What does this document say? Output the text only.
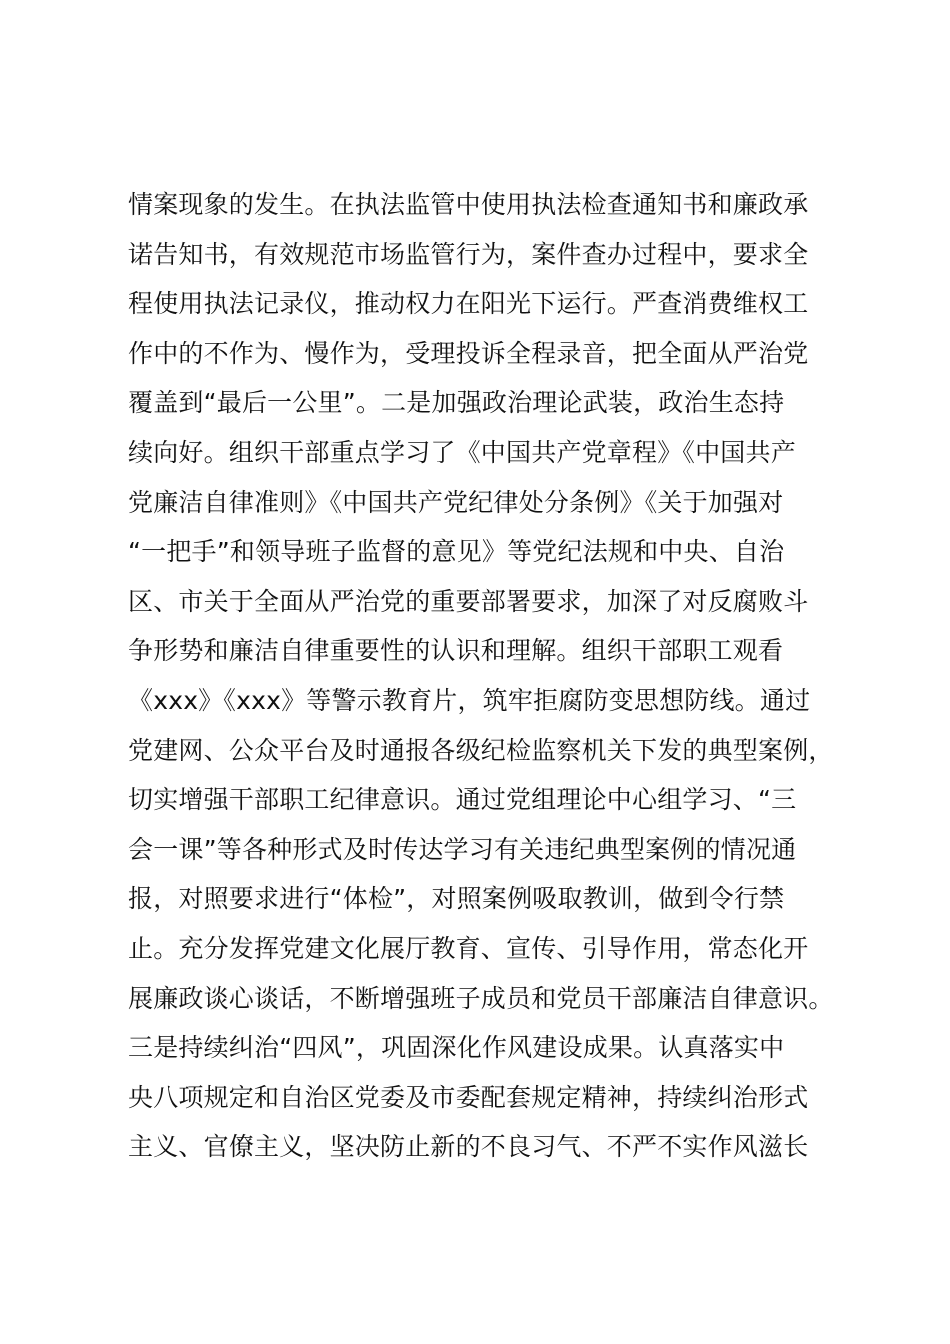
情案现象的发生。在执法监管中使用执法检查通知书和廉政承
诺告知书，有效规范市场监管行为，案件查办过程中，要求全
程使用执法记录仪，推动权力在阳光下运行。严查消费维权工
作中的不作为、慢作为，受理投诉全程录音，把全面从严治党
覆盖到“最后一公里”。二是加强政治理论武装，政治生态持
续向好。组织干部重点学习了《中国共产党章程》《中国共产
党廉洁自律准则》《中国共产党纪律处分条例》《关于加强对
“一把手”和领导班子监督的意见》等党纪法规和中央、自治
区、市关于全面从严治党的重要部署要求，加深了对反腐败斗
争形势和廉洁自律重要性的认识和理解。组织干部职工观看
《xxx》《xxx》等警示教育片，筑牢拒腐防变思想防线。通过
党建网、公众平台及时通报各级纪检监察机关下发的典型案例，
切实增强干部职工纪律意识。通过党组理论中心组学习、“三
会一课”等各种形式及时传达学习有关违纪典型案例的情况通
报，对照要求进行“体检”，对照案例吸取教训，做到令行禁
止。充分发挥党建文化展厅教育、宣传、引导作用，常态化开
展廉政谈心谈话，不断增强班子成员和党员干部廉洁自律意识。
三是持续纠治“四风”，巩固深化作风建设成果。认真落实中
央八项规定和自治区党委及市委配套规定精神，持续纠治形式
主义、官僚主义，坚决防止新的不良习气、不严不实作风滋长
